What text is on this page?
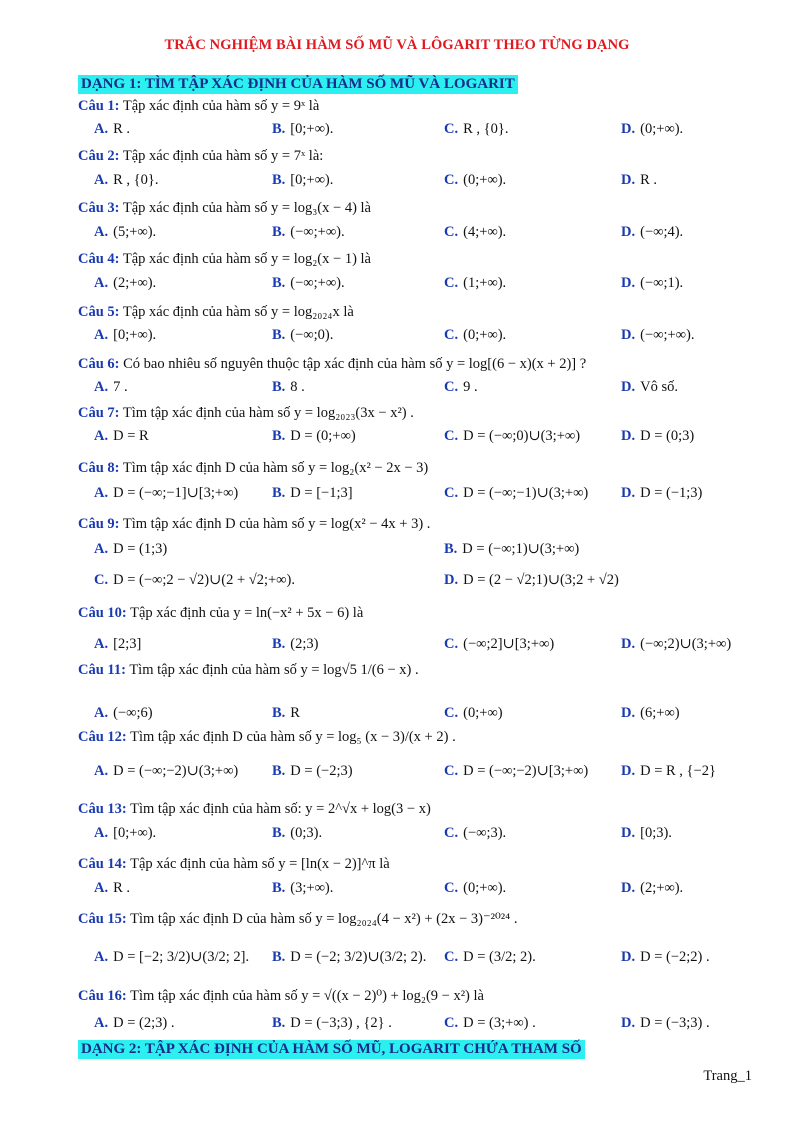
TRẮC NGHIỆM BÀI HÀM SỐ MŨ VÀ LÔGARIT THEO TỪNG DẠNG
DẠNG 1: TÌM TẬP XÁC ĐỊNH CỦA HÀM SỐ MŨ VÀ LOGARIT
Câu 1: Tập xác định của hàm số y = 9ˣ là
A. R .	B. [0;+∞).	C. R , {0}.	D. (0;+∞).
Câu 2: Tập xác định của hàm số y = 7ˣ là:
A. R , {0}.	B. [0;+∞).	C. (0;+∞).	D. R .
Câu 3: Tập xác định của hàm số y = log₃(x − 4) là
A. (5;+∞).	B. (−∞;+∞).	C. (4;+∞).	D. (−∞;4).
Câu 4: Tập xác định của hàm số y = log₂(x − 1) là
A. (2;+∞).	B. (−∞;+∞).	C. (1;+∞).	D. (−∞;1).
Câu 5: Tập xác định của hàm số y = log₂₀₂₄x là
A. [0;+∞).	B. (−∞;0).	C. (0;+∞).	D. (−∞;+∞).
Câu 6: Có bao nhiêu số nguyên thuộc tập xác định của hàm số y = log[(6 − x)(x + 2)] ?
A. 7 .	B. 8 .	C. 9 .	D. Vô số.
Câu 7: Tìm tập xác định của hàm số y = log₂₀₂₃(3x − x²) .
A. D = R	B. D = (0;+∞)	C. D = (−∞;0)∪(3;+∞)	D. D = (0;3)
Câu 8: Tìm tập xác định D của hàm số y = log₂(x² − 2x − 3)
A. D = (−∞;−1]∪[3;+∞) B. D = [−1;3]	C. D = (−∞;−1)∪(3;+∞) D. D = (−1;3)
Câu 9: Tìm tập xác định D của hàm số y = log(x² − 4x + 3) .
A. D = (1;3)	B. D = (−∞;1)∪(3;+∞)
C. D = (−∞;2 − √2)∪(2 + √2;+∞).	D. D = (2 − √2;1)∪(3;2 + √2)
Câu 10: Tập xác định của y = ln(−x² + 5x − 6) là
A. [2;3]	B. (2;3)	C. (−∞;2]∪[3;+∞)	D. (−∞;2)∪(3;+∞)
Câu 11: Tìm tập xác định của hàm số y = log√5 1/(6 − x) .
A. (−∞;6)	B. R	C. (0;+∞)	D. (6;+∞)
Câu 12: Tìm tập xác định D của hàm số y = log₅ (x − 3)/(x + 2) .
A. D = (−∞;−2)∪(3;+∞) B. D = (−2;3)	C. D = (−∞;−2)∪[3;+∞) D. D = R , {−2}
Câu 13: Tìm tập xác định của hàm số: y = 2^√x + log(3 − x)
A. [0;+∞).	B. (0;3).	C. (−∞;3).	D. [0;3).
Câu 14: Tập xác định của hàm số y = [ln(x − 2)]^π là
A. R .	B. (3;+∞).	C. (0;+∞).	D. (2;+∞).
Câu 15: Tìm tập xác định D của hàm số y = log₂₀₂₄(4 − x²) + (2x − 3)⁻²⁰²⁴ .
A. D = [−2; 3/2)∪(3/2; 2]. B. D = (−2; 3/2)∪(3/2; 2). C. D = (3/2; 2).	D. D = (−2;2) .
Câu 16: Tìm tập xác định của hàm số y = √((x − 2)⁰) + log₂(9 − x²) là
A. D = (2;3) .	B. D = (−3;3) , {2} .	C. D = (3;+∞) .	D. D = (−3;3) .
DẠNG 2: TẬP XÁC ĐỊNH CỦA HÀM SỐ MŨ, LOGARIT CHỨA THAM SỐ
Trang_1
